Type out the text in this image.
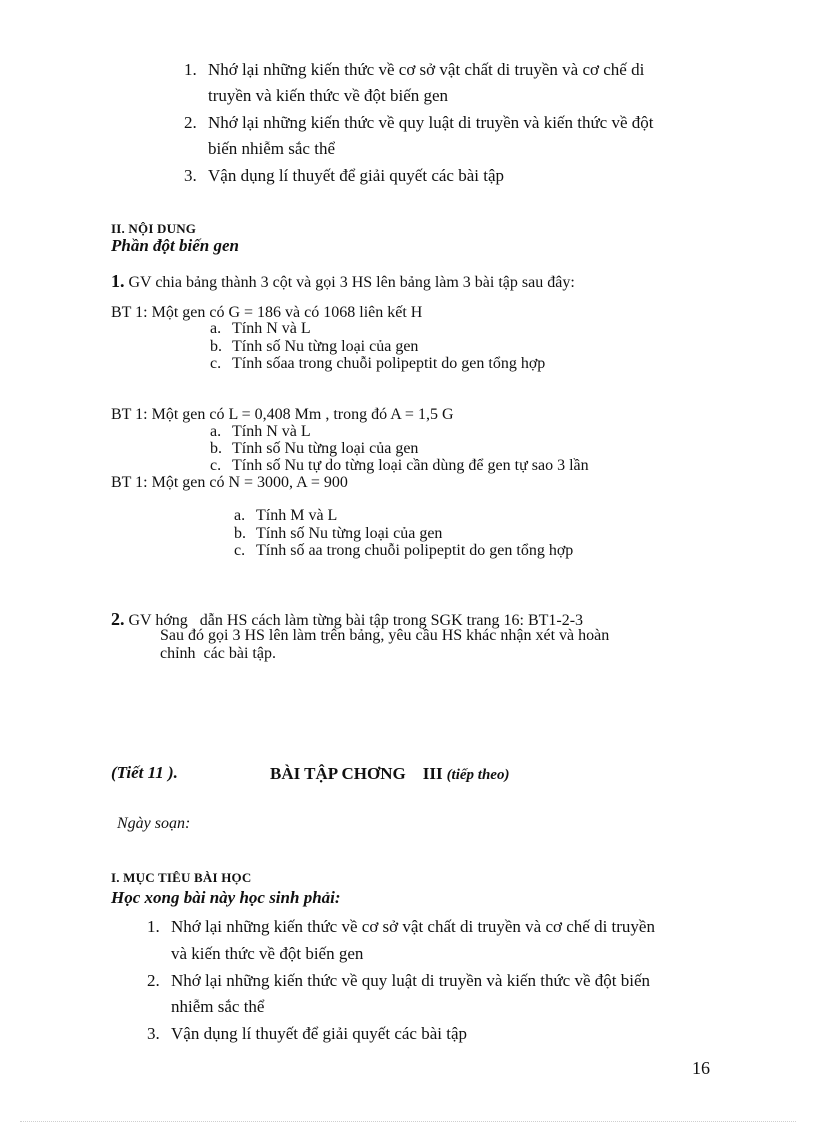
1. Nhớ lại những kiến thức về cơ sở vật chất di truyền và cơ chế di
truyền và kiến thức về đột biến gen
2. Nhớ lại những kiến thức về quy luật di truyền và kiến thức về đột
biến nhiễm sắc thể
3. Vận dụng lí thuyết để giải quyết các bài tập
II. NỘI DUNG
Phần đột biến gen
1. GV chia bảng thành 3 cột và gọi 3 HS lên bảng làm 3 bài tập sau đây:
BT 1: Một gen có G = 186 và có 1068 liên kết H
a. Tính N và L
b. Tính số Nu từng loại của gen
c. Tính sốaa trong chuỗi polipeptit do gen tổng hợp
BT 1: Một gen có L = 0,408 Mm , trong đó A = 1,5 G
a. Tính N và L
b. Tính số Nu từng loại của gen
c. Tính số Nu tự do từng loại cần dùng để gen tự sao 3 lần
BT 1: Một gen có N = 3000, A = 900
a. Tính M và L
b. Tính số Nu từng loại của gen
c. Tính số aa trong chuỗi polipeptit do gen tổng hợp
2. GV hớng   dẫn HS cách làm từng bài tập trong SGK trang 16: BT1-2-3
Sau đó gọi 3 HS lên làm trên bảng, yêu cầu HS khác nhận xét và hoàn
chỉnh  các bài tập.
(Tiết 11 ).	BÀI TẬP CHƠNG    III (tiếp theo)
Ngày soạn:
I. MỤC TIÊU BÀI HỌC
Học xong bài này học sinh phải:
1. Nhớ lại những kiến thức về cơ sở vật chất di truyền và cơ chế di truyền
và kiến thức về đột biến gen
2. Nhớ lại những kiến thức về quy luật di truyền và kiến thức về đột biến
nhiễm sắc thể
3. Vận dụng lí thuyết để giải quyết các bài tập
16
